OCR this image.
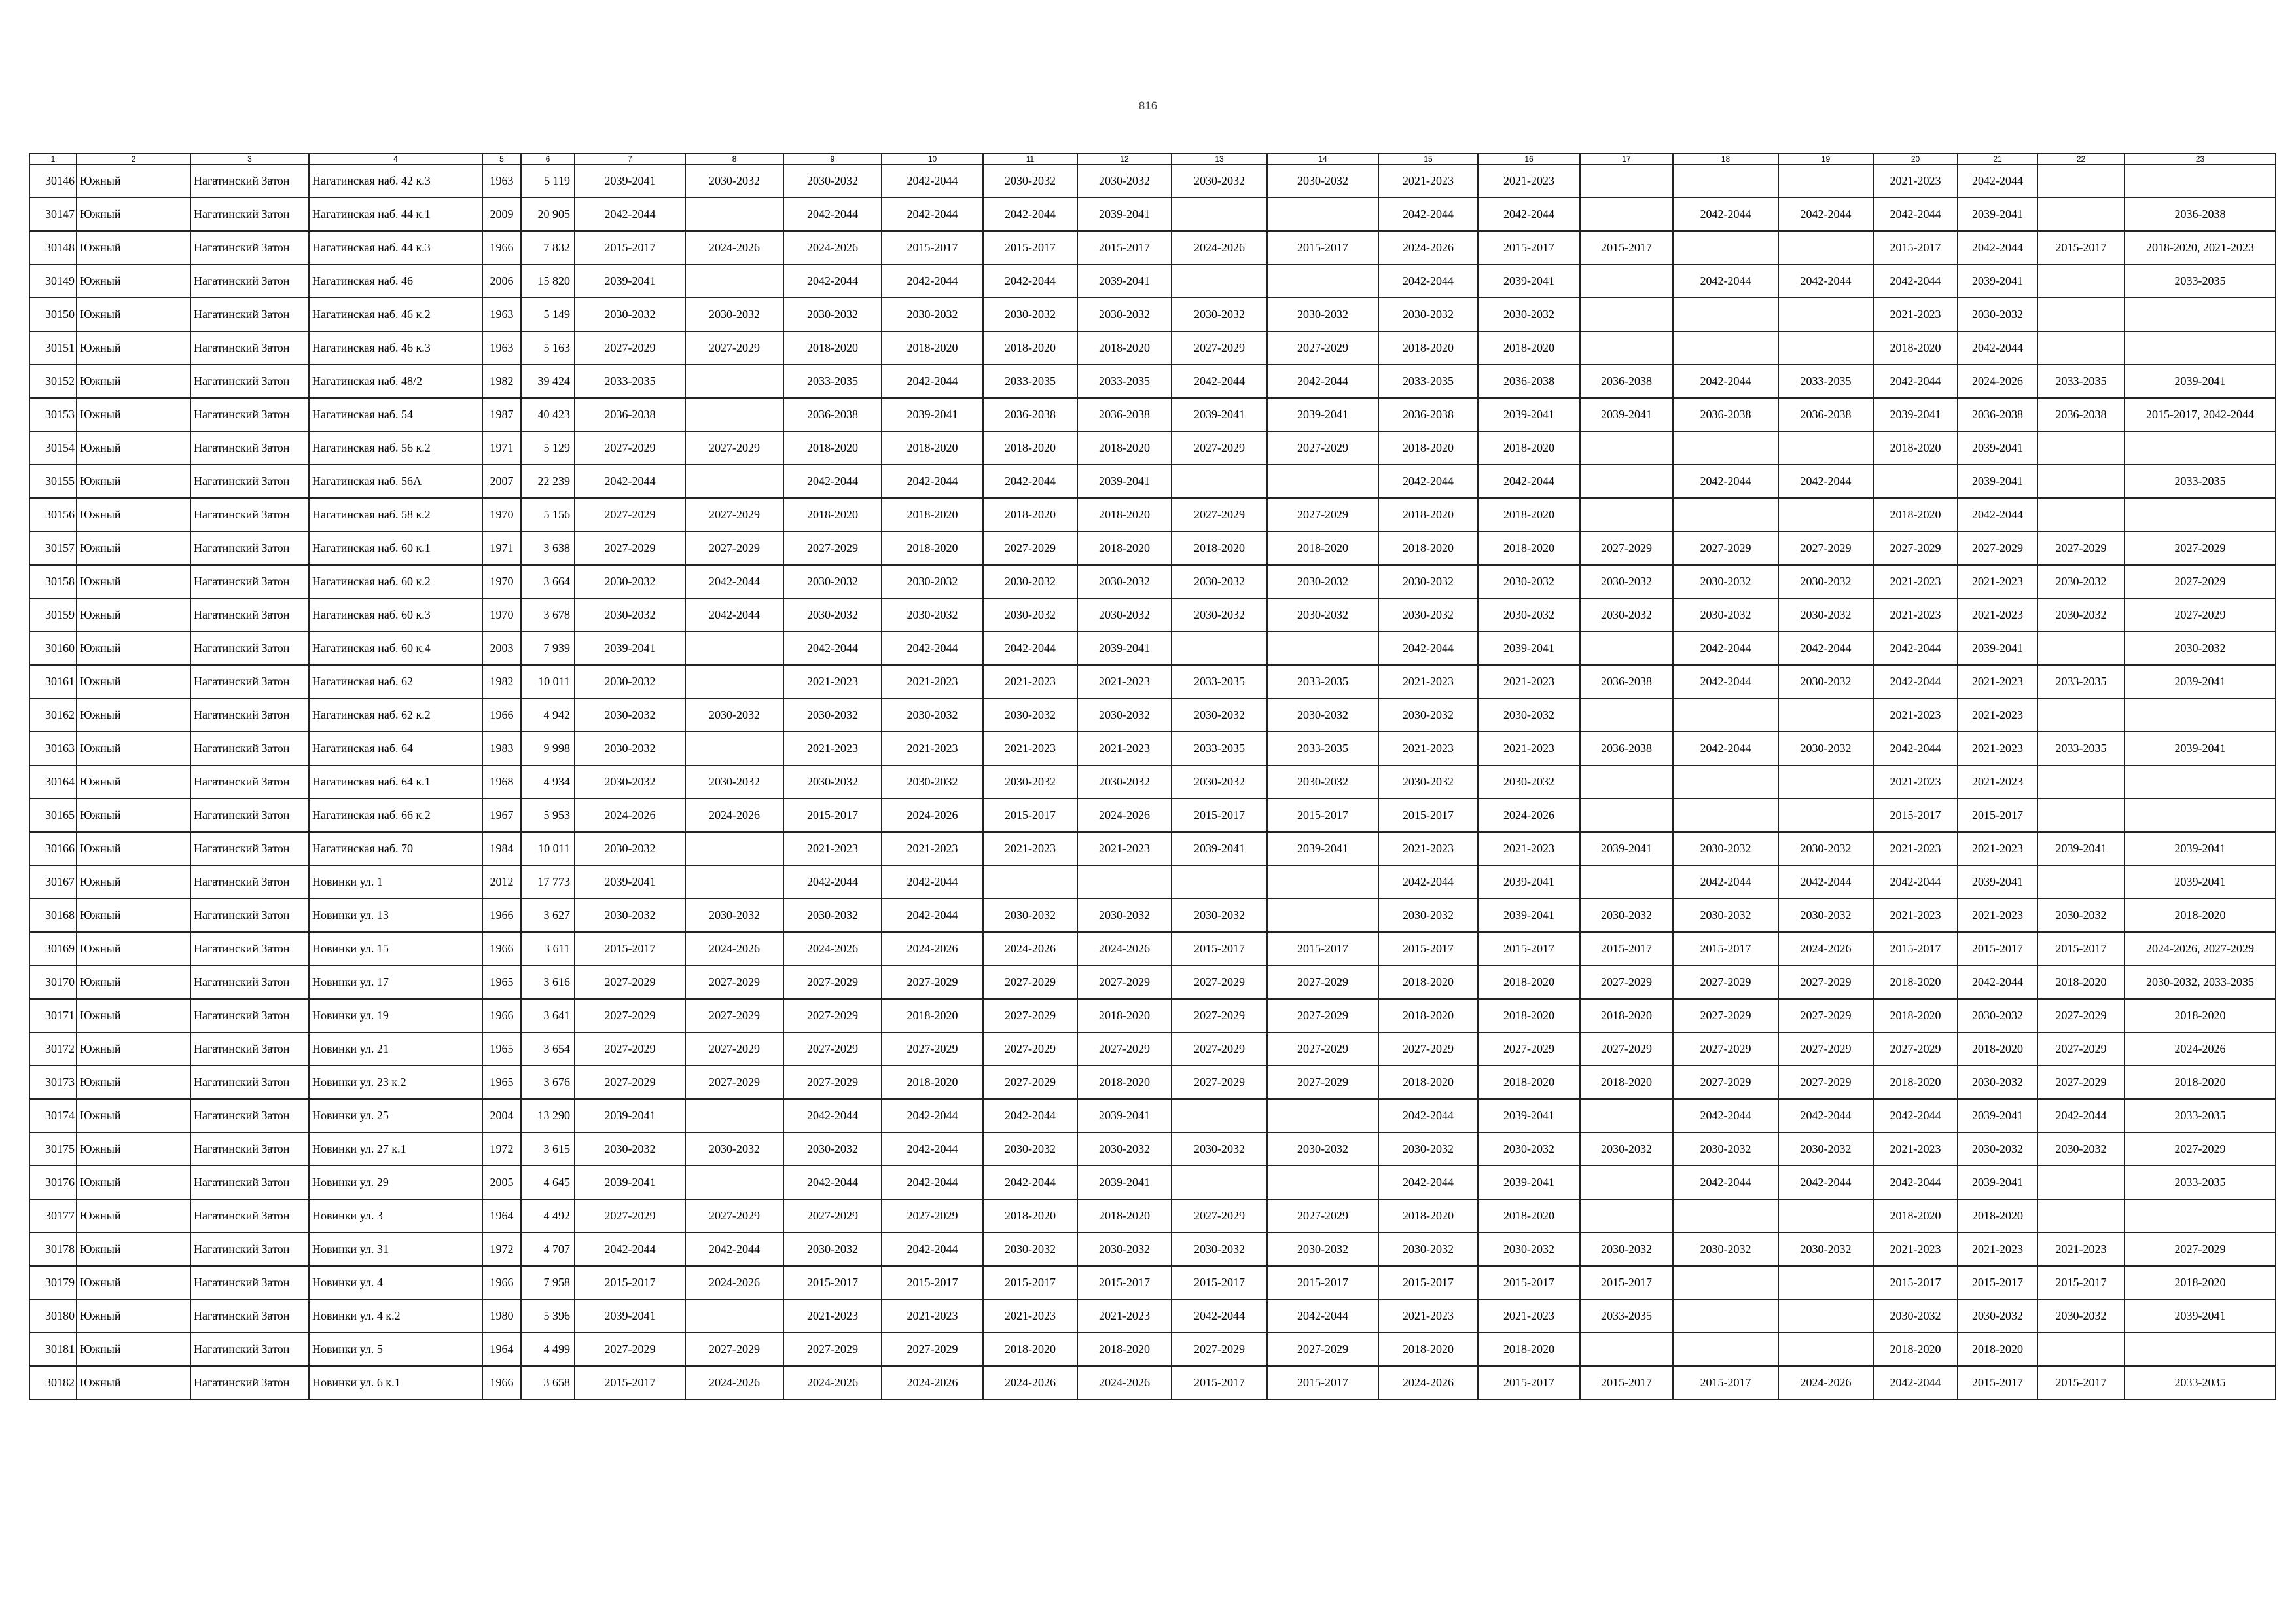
816
1	2	3	4	5	6	7	8	9	10	11	12	13	14	15	16	17	18	19	20	21	22	23
30146	Южный	Нагатинский Затон	Нагатинская наб. 42 к.3	1963	5 119	2039-2041	2030-2032	2030-2032	2042-2044	2030-2032	2030-2032	2030-2032	2030-2032	2021-2023	2021-2023				2021-2023	2042-2044		
30147	Южный	Нагатинский Затон	Нагатинская наб. 44 к.1	2009	20 905	2042-2044		2042-2044	2042-2044	2042-2044	2039-2041			2042-2044	2042-2044		2042-2044	2042-2044	2042-2044	2039-2041		2036-2038
30148	Южный	Нагатинский Затон	Нагатинская наб. 44 к.3	1966	7 832	2015-2017	2024-2026	2024-2026	2015-2017	2015-2017	2015-2017	2024-2026	2015-2017	2024-2026	2015-2017	2015-2017			2015-2017	2042-2044	2015-2017	2018-2020, 2021-2023
30149	Южный	Нагатинский Затон	Нагатинская наб. 46	2006	15 820	2039-2041		2042-2044	2042-2044	2042-2044	2039-2041			2042-2044	2039-2041		2042-2044	2042-2044	2042-2044	2039-2041		2033-2035
30150	Южный	Нагатинский Затон	Нагатинская наб. 46 к.2	1963	5 149	2030-2032	2030-2032	2030-2032	2030-2032	2030-2032	2030-2032	2030-2032	2030-2032	2030-2032	2030-2032				2021-2023	2030-2032		
30151	Южный	Нагатинский Затон	Нагатинская наб. 46 к.3	1963	5 163	2027-2029	2027-2029	2018-2020	2018-2020	2018-2020	2018-2020	2027-2029	2027-2029	2018-2020	2018-2020				2018-2020	2042-2044		
30152	Южный	Нагатинский Затон	Нагатинская наб. 48/2	1982	39 424	2033-2035		2033-2035	2042-2044	2033-2035	2033-2035	2042-2044	2042-2044	2033-2035	2036-2038	2036-2038	2042-2044	2033-2035	2042-2044	2024-2026	2033-2035	2039-2041
30153	Южный	Нагатинский Затон	Нагатинская наб. 54	1987	40 423	2036-2038		2036-2038	2039-2041	2036-2038	2036-2038	2039-2041	2039-2041	2036-2038	2039-2041	2039-2041	2036-2038	2036-2038	2039-2041	2036-2038	2036-2038	2015-2017, 2042-2044
30154	Южный	Нагатинский Затон	Нагатинская наб. 56 к.2	1971	5 129	2027-2029	2027-2029	2018-2020	2018-2020	2018-2020	2018-2020	2027-2029	2027-2029	2018-2020	2018-2020				2018-2020	2039-2041		
30155	Южный	Нагатинский Затон	Нагатинская наб. 56А	2007	22 239	2042-2044		2042-2044	2042-2044	2042-2044	2039-2041			2042-2044	2042-2044		2042-2044	2042-2044		2039-2041		2033-2035
30156	Южный	Нагатинский Затон	Нагатинская наб. 58 к.2	1970	5 156	2027-2029	2027-2029	2018-2020	2018-2020	2018-2020	2018-2020	2027-2029	2027-2029	2018-2020	2018-2020				2018-2020	2042-2044		
30157	Южный	Нагатинский Затон	Нагатинская наб. 60 к.1	1971	3 638	2027-2029	2027-2029	2027-2029	2018-2020	2027-2029	2018-2020	2018-2020	2018-2020	2018-2020	2018-2020	2027-2029	2027-2029	2027-2029	2027-2029	2027-2029	2027-2029	2027-2029
30158	Южный	Нагатинский Затон	Нагатинская наб. 60 к.2	1970	3 664	2030-2032	2042-2044	2030-2032	2030-2032	2030-2032	2030-2032	2030-2032	2030-2032	2030-2032	2030-2032	2030-2032	2030-2032	2030-2032	2021-2023	2021-2023	2030-2032	2027-2029
30159	Южный	Нагатинский Затон	Нагатинская наб. 60 к.3	1970	3 678	2030-2032	2042-2044	2030-2032	2030-2032	2030-2032	2030-2032	2030-2032	2030-2032	2030-2032	2030-2032	2030-2032	2030-2032	2030-2032	2021-2023	2021-2023	2030-2032	2027-2029
30160	Южный	Нагатинский Затон	Нагатинская наб. 60 к.4	2003	7 939	2039-2041		2042-2044	2042-2044	2042-2044	2039-2041			2042-2044	2039-2041		2042-2044	2042-2044	2042-2044	2039-2041		2030-2032
30161	Южный	Нагатинский Затон	Нагатинская наб. 62	1982	10 011	2030-2032		2021-2023	2021-2023	2021-2023	2021-2023	2033-2035	2033-2035	2021-2023	2021-2023	2036-2038	2042-2044	2030-2032	2042-2044	2021-2023	2033-2035	2039-2041
30162	Южный	Нагатинский Затон	Нагатинская наб. 62 к.2	1966	4 942	2030-2032	2030-2032	2030-2032	2030-2032	2030-2032	2030-2032	2030-2032	2030-2032	2030-2032	2030-2032				2021-2023	2021-2023		
30163	Южный	Нагатинский Затон	Нагатинская наб. 64	1983	9 998	2030-2032		2021-2023	2021-2023	2021-2023	2021-2023	2033-2035	2033-2035	2021-2023	2021-2023	2036-2038	2042-2044	2030-2032	2042-2044	2021-2023	2033-2035	2039-2041
30164	Южный	Нагатинский Затон	Нагатинская наб. 64 к.1	1968	4 934	2030-2032	2030-2032	2030-2032	2030-2032	2030-2032	2030-2032	2030-2032	2030-2032	2030-2032	2030-2032				2021-2023	2021-2023		
30165	Южный	Нагатинский Затон	Нагатинская наб. 66 к.2	1967	5 953	2024-2026	2024-2026	2015-2017	2024-2026	2015-2017	2024-2026	2015-2017	2015-2017	2015-2017	2024-2026				2015-2017	2015-2017		
30166	Южный	Нагатинский Затон	Нагатинская наб. 70	1984	10 011	2030-2032		2021-2023	2021-2023	2021-2023	2021-2023	2039-2041	2039-2041	2021-2023	2021-2023	2039-2041	2030-2032	2030-2032	2021-2023	2021-2023	2039-2041	2039-2041
30167	Южный	Нагатинский Затон	Новинки ул. 1	2012	17 773	2039-2041		2042-2044	2042-2044					2042-2044	2039-2041		2042-2044	2042-2044	2042-2044	2039-2041		2039-2041
30168	Южный	Нагатинский Затон	Новинки ул. 13	1966	3 627	2030-2032	2030-2032	2030-2032	2042-2044	2030-2032	2030-2032	2030-2032		2030-2032	2039-2041	2030-2032	2030-2032	2030-2032	2021-2023	2021-2023	2030-2032	2018-2020
30169	Южный	Нагатинский Затон	Новинки ул. 15	1966	3 611	2015-2017	2024-2026	2024-2026	2024-2026	2024-2026	2024-2026	2015-2017	2015-2017	2015-2017	2015-2017	2015-2017	2015-2017	2024-2026	2015-2017	2015-2017	2015-2017	2024-2026, 2027-2029
30170	Южный	Нагатинский Затон	Новинки ул. 17	1965	3 616	2027-2029	2027-2029	2027-2029	2027-2029	2027-2029	2027-2029	2027-2029	2027-2029	2018-2020	2018-2020	2027-2029	2027-2029	2027-2029	2018-2020	2042-2044	2018-2020	2030-2032, 2033-2035
30171	Южный	Нагатинский Затон	Новинки ул. 19	1966	3 641	2027-2029	2027-2029	2027-2029	2018-2020	2027-2029	2018-2020	2027-2029	2027-2029	2018-2020	2018-2020	2018-2020	2027-2029	2027-2029	2018-2020	2030-2032	2027-2029	2018-2020
30172	Южный	Нагатинский Затон	Новинки ул. 21	1965	3 654	2027-2029	2027-2029	2027-2029	2027-2029	2027-2029	2027-2029	2027-2029	2027-2029	2027-2029	2027-2029	2027-2029	2027-2029	2027-2029	2027-2029	2018-2020	2027-2029	2024-2026
30173	Южный	Нагатинский Затон	Новинки ул. 23 к.2	1965	3 676	2027-2029	2027-2029	2027-2029	2018-2020	2027-2029	2018-2020	2027-2029	2027-2029	2018-2020	2018-2020	2018-2020	2027-2029	2027-2029	2018-2020	2030-2032	2027-2029	2018-2020
30174	Южный	Нагатинский Затон	Новинки ул. 25	2004	13 290	2039-2041		2042-2044	2042-2044	2042-2044	2039-2041			2042-2044	2039-2041		2042-2044	2042-2044	2042-2044	2039-2041	2042-2044	2033-2035
30175	Южный	Нагатинский Затон	Новинки ул. 27 к.1	1972	3 615	2030-2032	2030-2032	2030-2032	2042-2044	2030-2032	2030-2032	2030-2032	2030-2032	2030-2032	2030-2032	2030-2032	2030-2032	2030-2032	2021-2023	2030-2032	2030-2032	2027-2029
30176	Южный	Нагатинский Затон	Новинки ул. 29	2005	4 645	2039-2041		2042-2044	2042-2044	2042-2044	2039-2041			2042-2044	2039-2041		2042-2044	2042-2044	2042-2044	2039-2041		2033-2035
30177	Южный	Нагатинский Затон	Новинки ул. 3	1964	4 492	2027-2029	2027-2029	2027-2029	2027-2029	2018-2020	2018-2020	2027-2029	2027-2029	2018-2020	2018-2020				2018-2020	2018-2020		
30178	Южный	Нагатинский Затон	Новинки ул. 31	1972	4 707	2042-2044	2042-2044	2030-2032	2042-2044	2030-2032	2030-2032	2030-2032	2030-2032	2030-2032	2030-2032	2030-2032	2030-2032	2030-2032	2021-2023	2021-2023	2021-2023	2027-2029
30179	Южный	Нагатинский Затон	Новинки ул. 4	1966	7 958	2015-2017	2024-2026	2015-2017	2015-2017	2015-2017	2015-2017	2015-2017	2015-2017	2015-2017	2015-2017	2015-2017			2015-2017	2015-2017	2015-2017	2018-2020
30180	Южный	Нагатинский Затон	Новинки ул. 4 к.2	1980	5 396	2039-2041		2021-2023	2021-2023	2021-2023	2021-2023	2042-2044	2042-2044	2021-2023	2021-2023	2033-2035			2030-2032	2030-2032	2030-2032	2039-2041
30181	Южный	Нагатинский Затон	Новинки ул. 5	1964	4 499	2027-2029	2027-2029	2027-2029	2027-2029	2018-2020	2018-2020	2027-2029	2027-2029	2018-2020	2018-2020				2018-2020	2018-2020		
30182	Южный	Нагатинский Затон	Новинки ул. 6 к.1	1966	3 658	2015-2017	2024-2026	2024-2026	2024-2026	2024-2026	2024-2026	2015-2017	2015-2017	2024-2026	2015-2017	2015-2017	2015-2017	2024-2026	2042-2044	2015-2017	2015-2017	2033-2035
